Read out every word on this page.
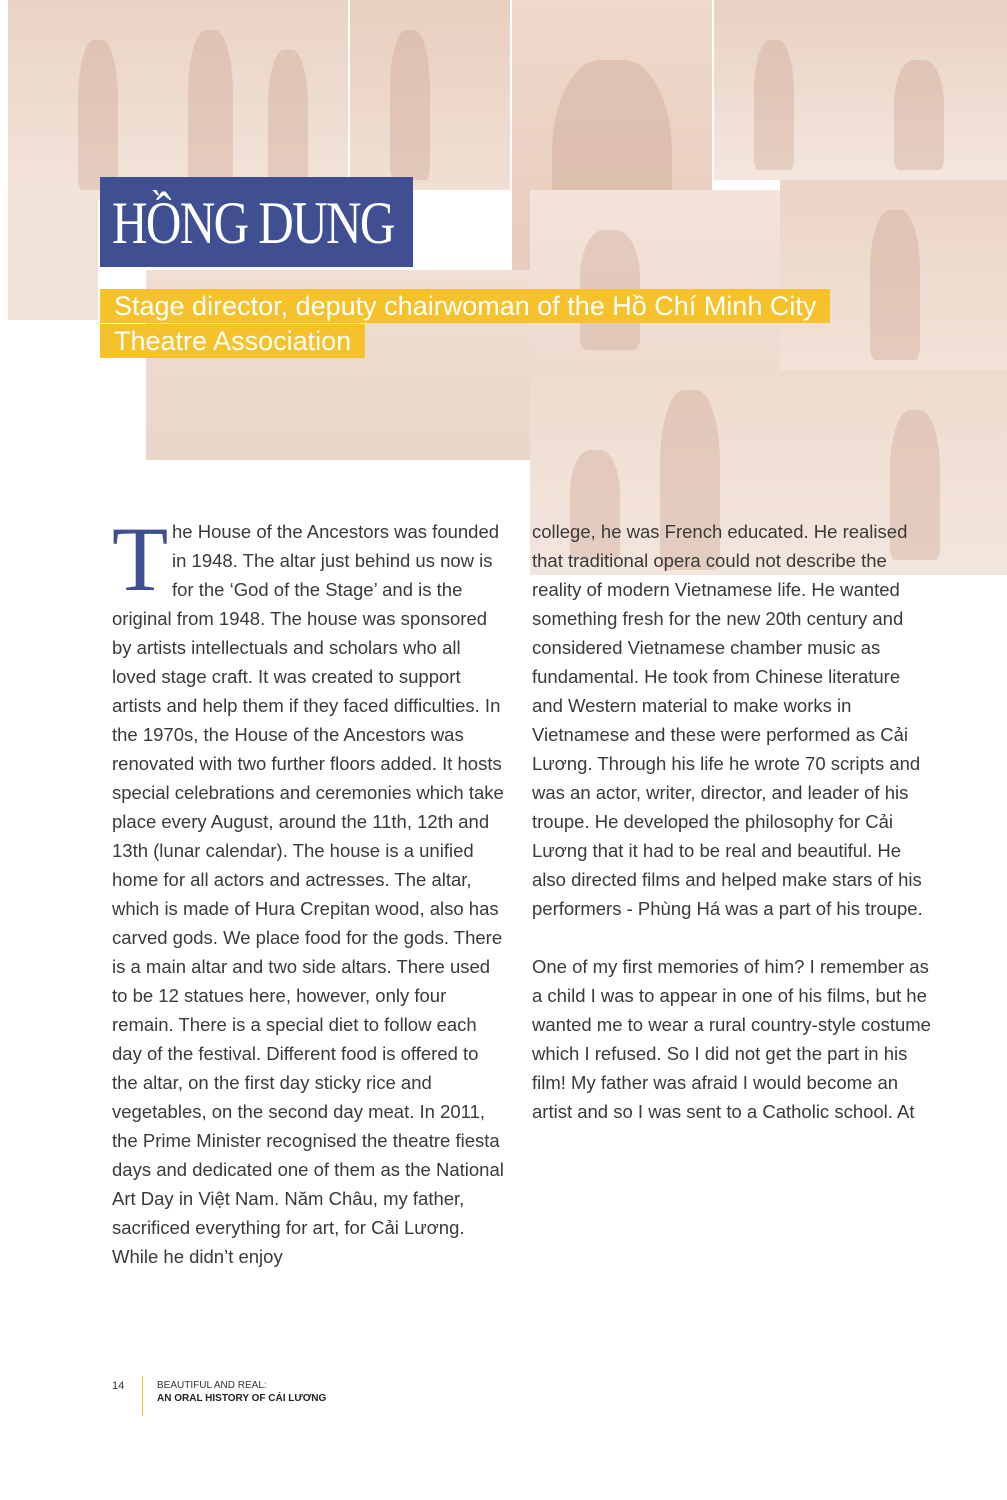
HỒNG DUNG
Stage director, deputy chairwoman of the Hồ Chí Minh City
Theatre Association
T he House of the Ancestors was founded in 1948. The altar just behind us now is for the ‘God of the Stage’ and is the original from 1948. The house was sponsored by artists intellectuals and scholars who all loved stage craft. It was created to support artists and help them if they faced difficulties. In the 1970s, the House of the Ancestors was renovated with two further floors added. It hosts special celebrations and ceremonies which take place every August, around the 11th, 12th and 13th (lunar calendar). The house is a unified home for all actors and actresses. The altar, which is made of Hura Crepitan wood, also has carved gods. We place food for the gods. There is a main altar and two side altars. There used to be 12 statues here, however, only four remain. There is a special diet to follow each day of the festival. Different food is offered to the altar, on the first day sticky rice and vegetables, on the second day meat. In 2011, the Prime Minister recognised the theatre fiesta days and dedicated one of them as the National Art Day in Việt Nam. Năm Châu, my father, sacrificed everything for art, for Cải Lương. While he didn’t enjoy

college, he was French educated. He realised that traditional opera could not describe the reality of modern Vietnamese life. He wanted something fresh for the new 20th century and considered Vietnamese chamber music as fundamental. He took from Chinese literature and Western material to make works in Vietnamese and these were performed as Cải Lương. Through his life he wrote 70 scripts and was an actor, writer, director, and leader of his troupe. He developed the philosophy for Cải Lương that it had to be real and beautiful. He also directed films and helped make stars of his performers - Phùng Há was a part of his troupe.

One of my first memories of him? I remember as a child I was to appear in one of his films, but he wanted me to wear a rural country-style costume which I refused. So I did not get the part in his film! My father was afraid I would become an artist and so I was sent to a Catholic school. At

14	BEAUTIFUL AND REAL:
AN ORAL HISTORY OF CÁI LƯƠNG
